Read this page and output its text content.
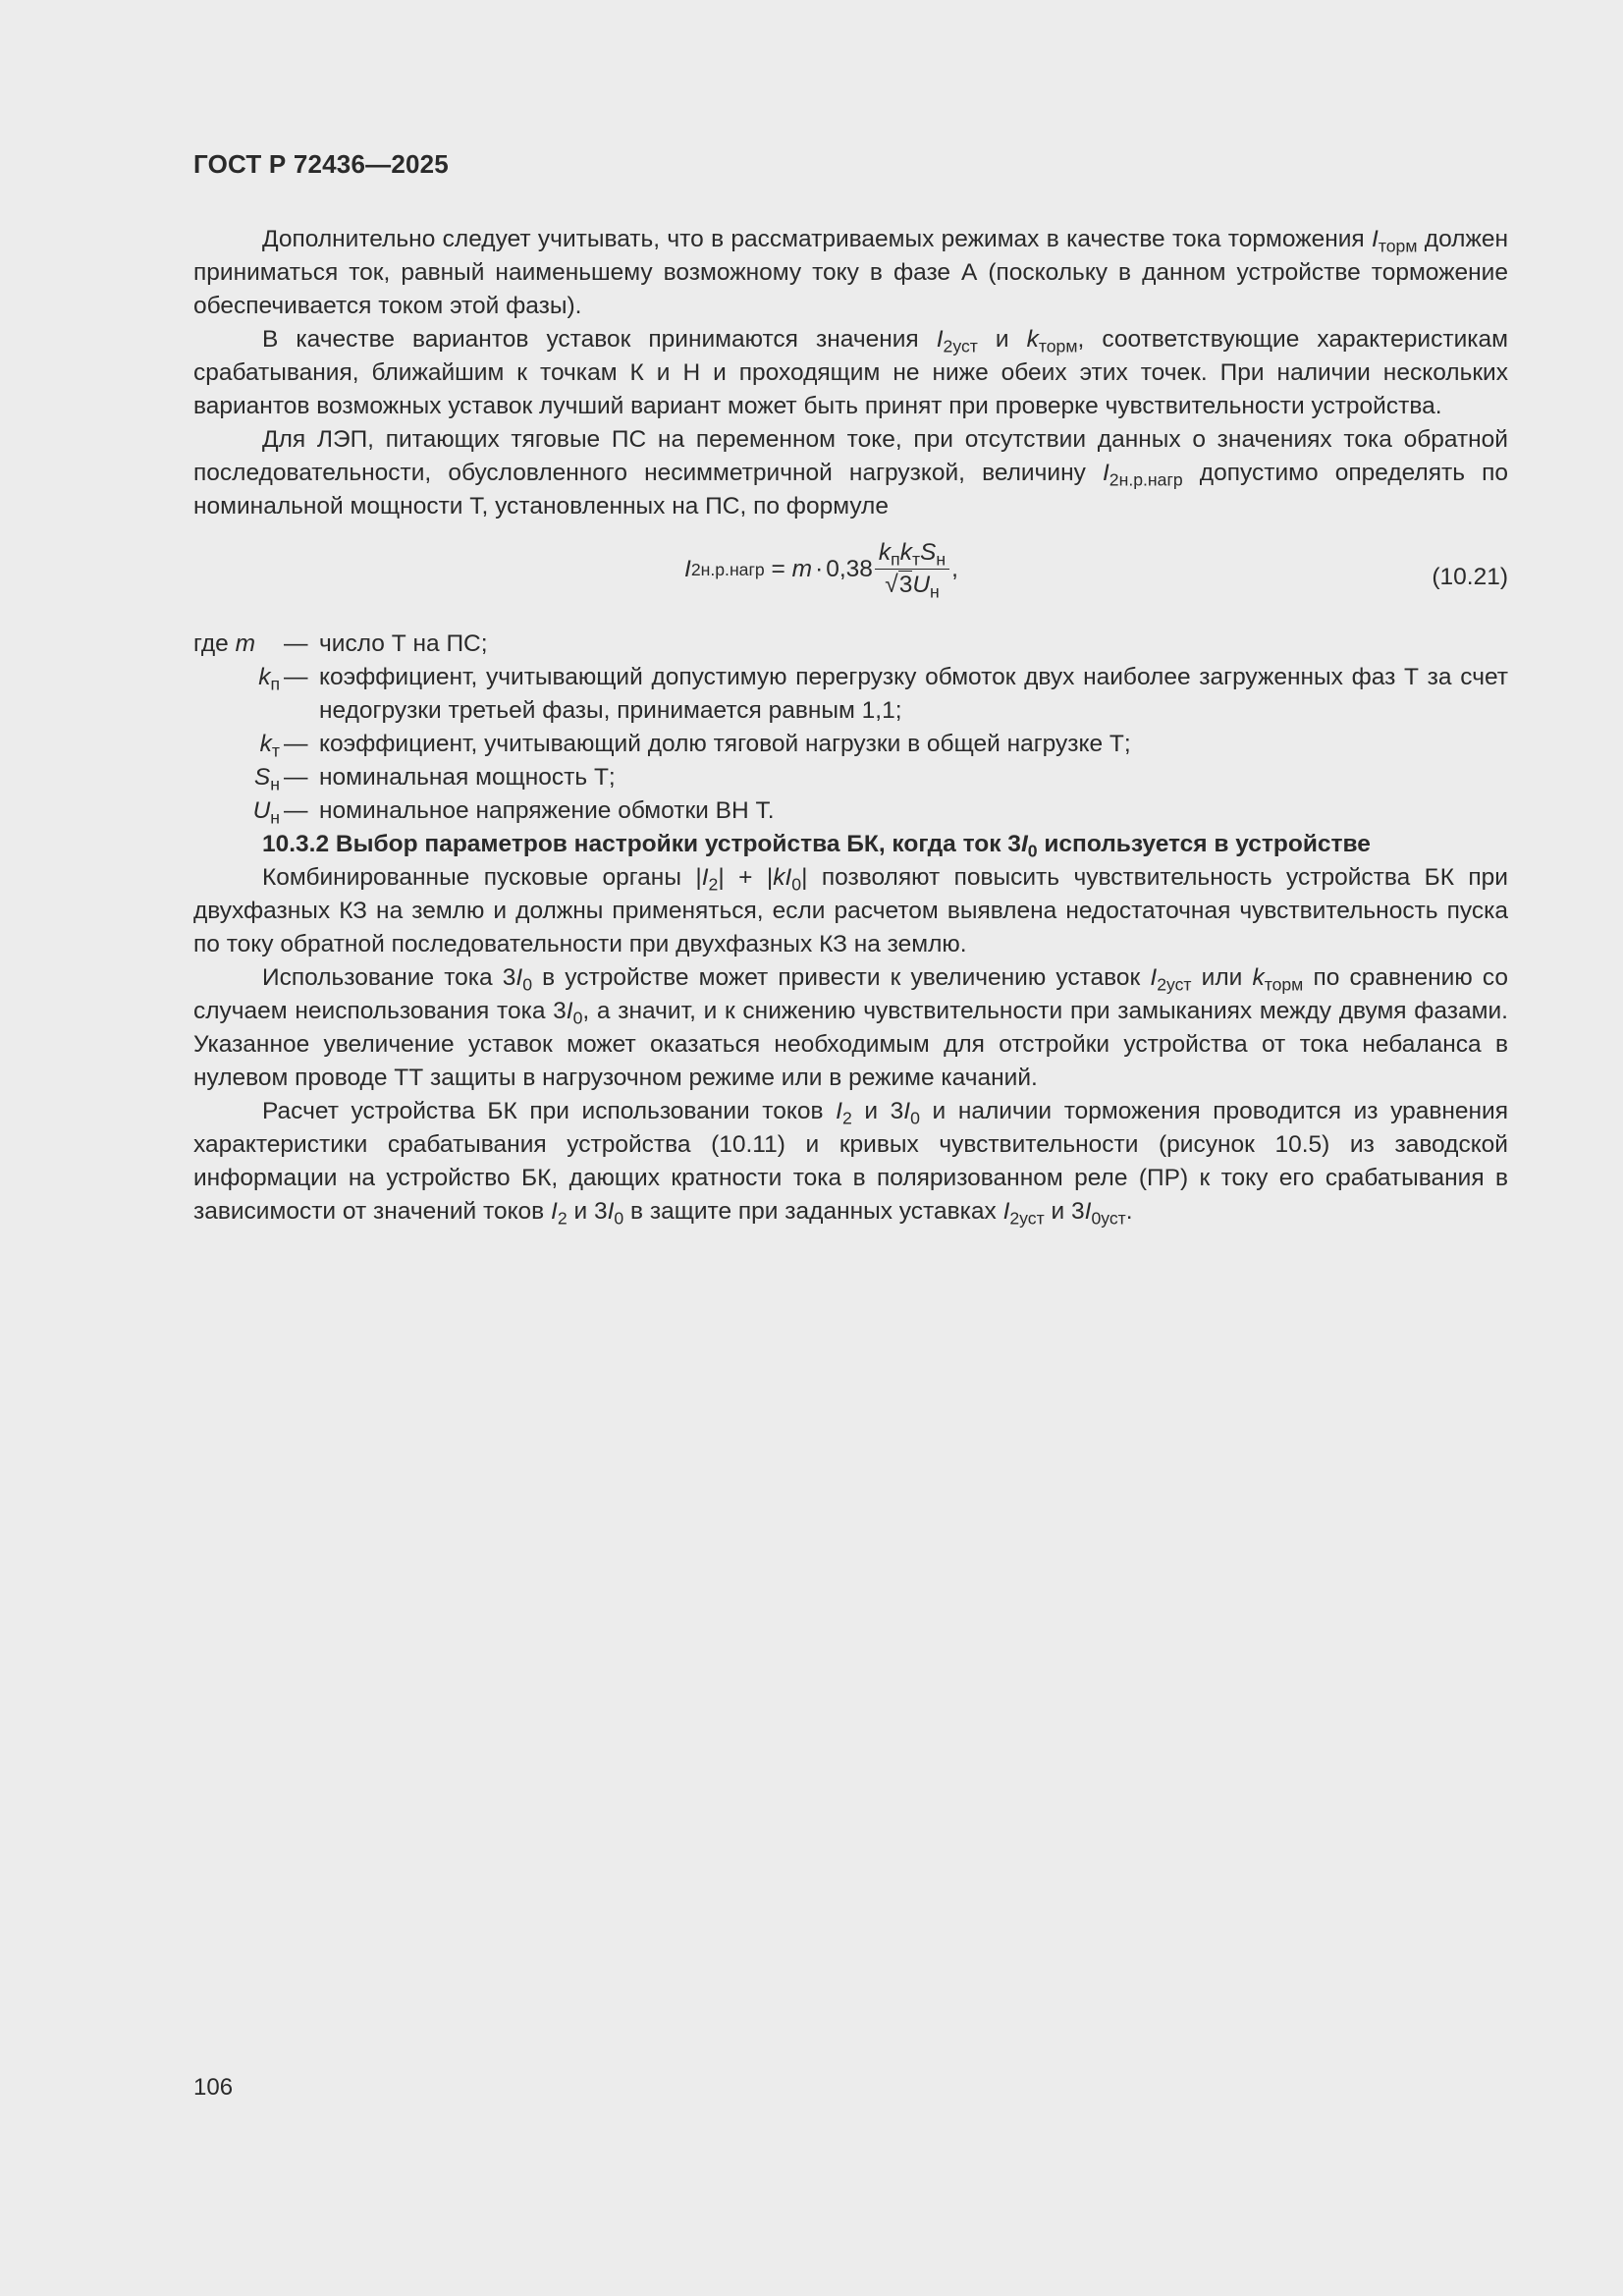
ГОСТ Р 72436—2025

Дополнительно следует учитывать, что в рассматриваемых режимах в качестве тока торможения $I_{торм}$ должен приниматься ток, равный наименьшему возможному току в фазе А (поскольку в данном устройстве торможение обеспечивается током этой фазы).

В качестве вариантов уставок принимаются значения $I_{2уст}$ и $k_{торм}$, соответствующие характеристикам срабатывания, ближайшим к точкам К и Н и проходящим не ниже обеих этих точек. При наличии нескольких вариантов возможных уставок лучший вариант может быть принят при проверке чувствительности устройства.

Для ЛЭП, питающих тяговые ПС на переменном токе, при отсутствии данных о значениях тока обратной последовательности, обусловленного несимметричной нагрузкой, величину $I_{2н.р.нагр}$ допустимо определять по номинальной мощности Т, установленных на ПС, по формуле

I 2н.р.нагр = $m \cdot 0,38 \frac{k_пk_тS_н}{√3U_н}$ ,	(10.21)
где m	— число Т на ПС;
$k_п$ — коэффициент, учитывающий допустимую перегрузку обмоток двух наиболее загруженных фаз Т за счет недогрузки третьей фазы, принимается равным 1,1;
$k_т$ — коэффициент, учитывающий долю тяговой нагрузки в общей нагрузке Т;
$S_н$ — номинальная мощность Т;
$U_н$ — номинальное напряжение обмотки ВН Т.

10.3.2 Выбор параметров настройки устройства БК, когда ток $3I_0$ используется в устройстве

Комбинированные пусковые органы $|I_2| + |kI_0|$ позволяют повысить чувствительность устройства БК при двухфазных КЗ на землю и должны применяться, если расчетом выявлена недостаточная чувствительность пуска по току обратной последовательности при двухфазных КЗ на землю.

Использование тока $3I_0$ в устройстве может привести к увеличению уставок $I_{2уст}$ или $k_{торм}$ по сравнению со случаем неиспользования тока $3I_0$, а значит, и к снижению чувствительности при замыканиях между двумя фазами. Указанное увеличение уставок может оказаться необходимым для отстройки устройства от тока небаланса в нулевом проводе ТТ защиты в нагрузочном режиме или в режиме качаний.

Расчет устройства БК при использовании токов $I_2$ и $3I_0$ и наличии торможения проводится из уравнения характеристики срабатывания устройства (10.11) и кривых чувствительности (рисунок 10.5) из заводской информации на устройство БК, дающих кратности тока в поляризованном реле (ПР) к току его срабатывания в зависимости от значений токов $I_2$ и $3I_0$ в защите при заданных уставках $I_{2уст}$ и $3I_{0уст}$.

106
